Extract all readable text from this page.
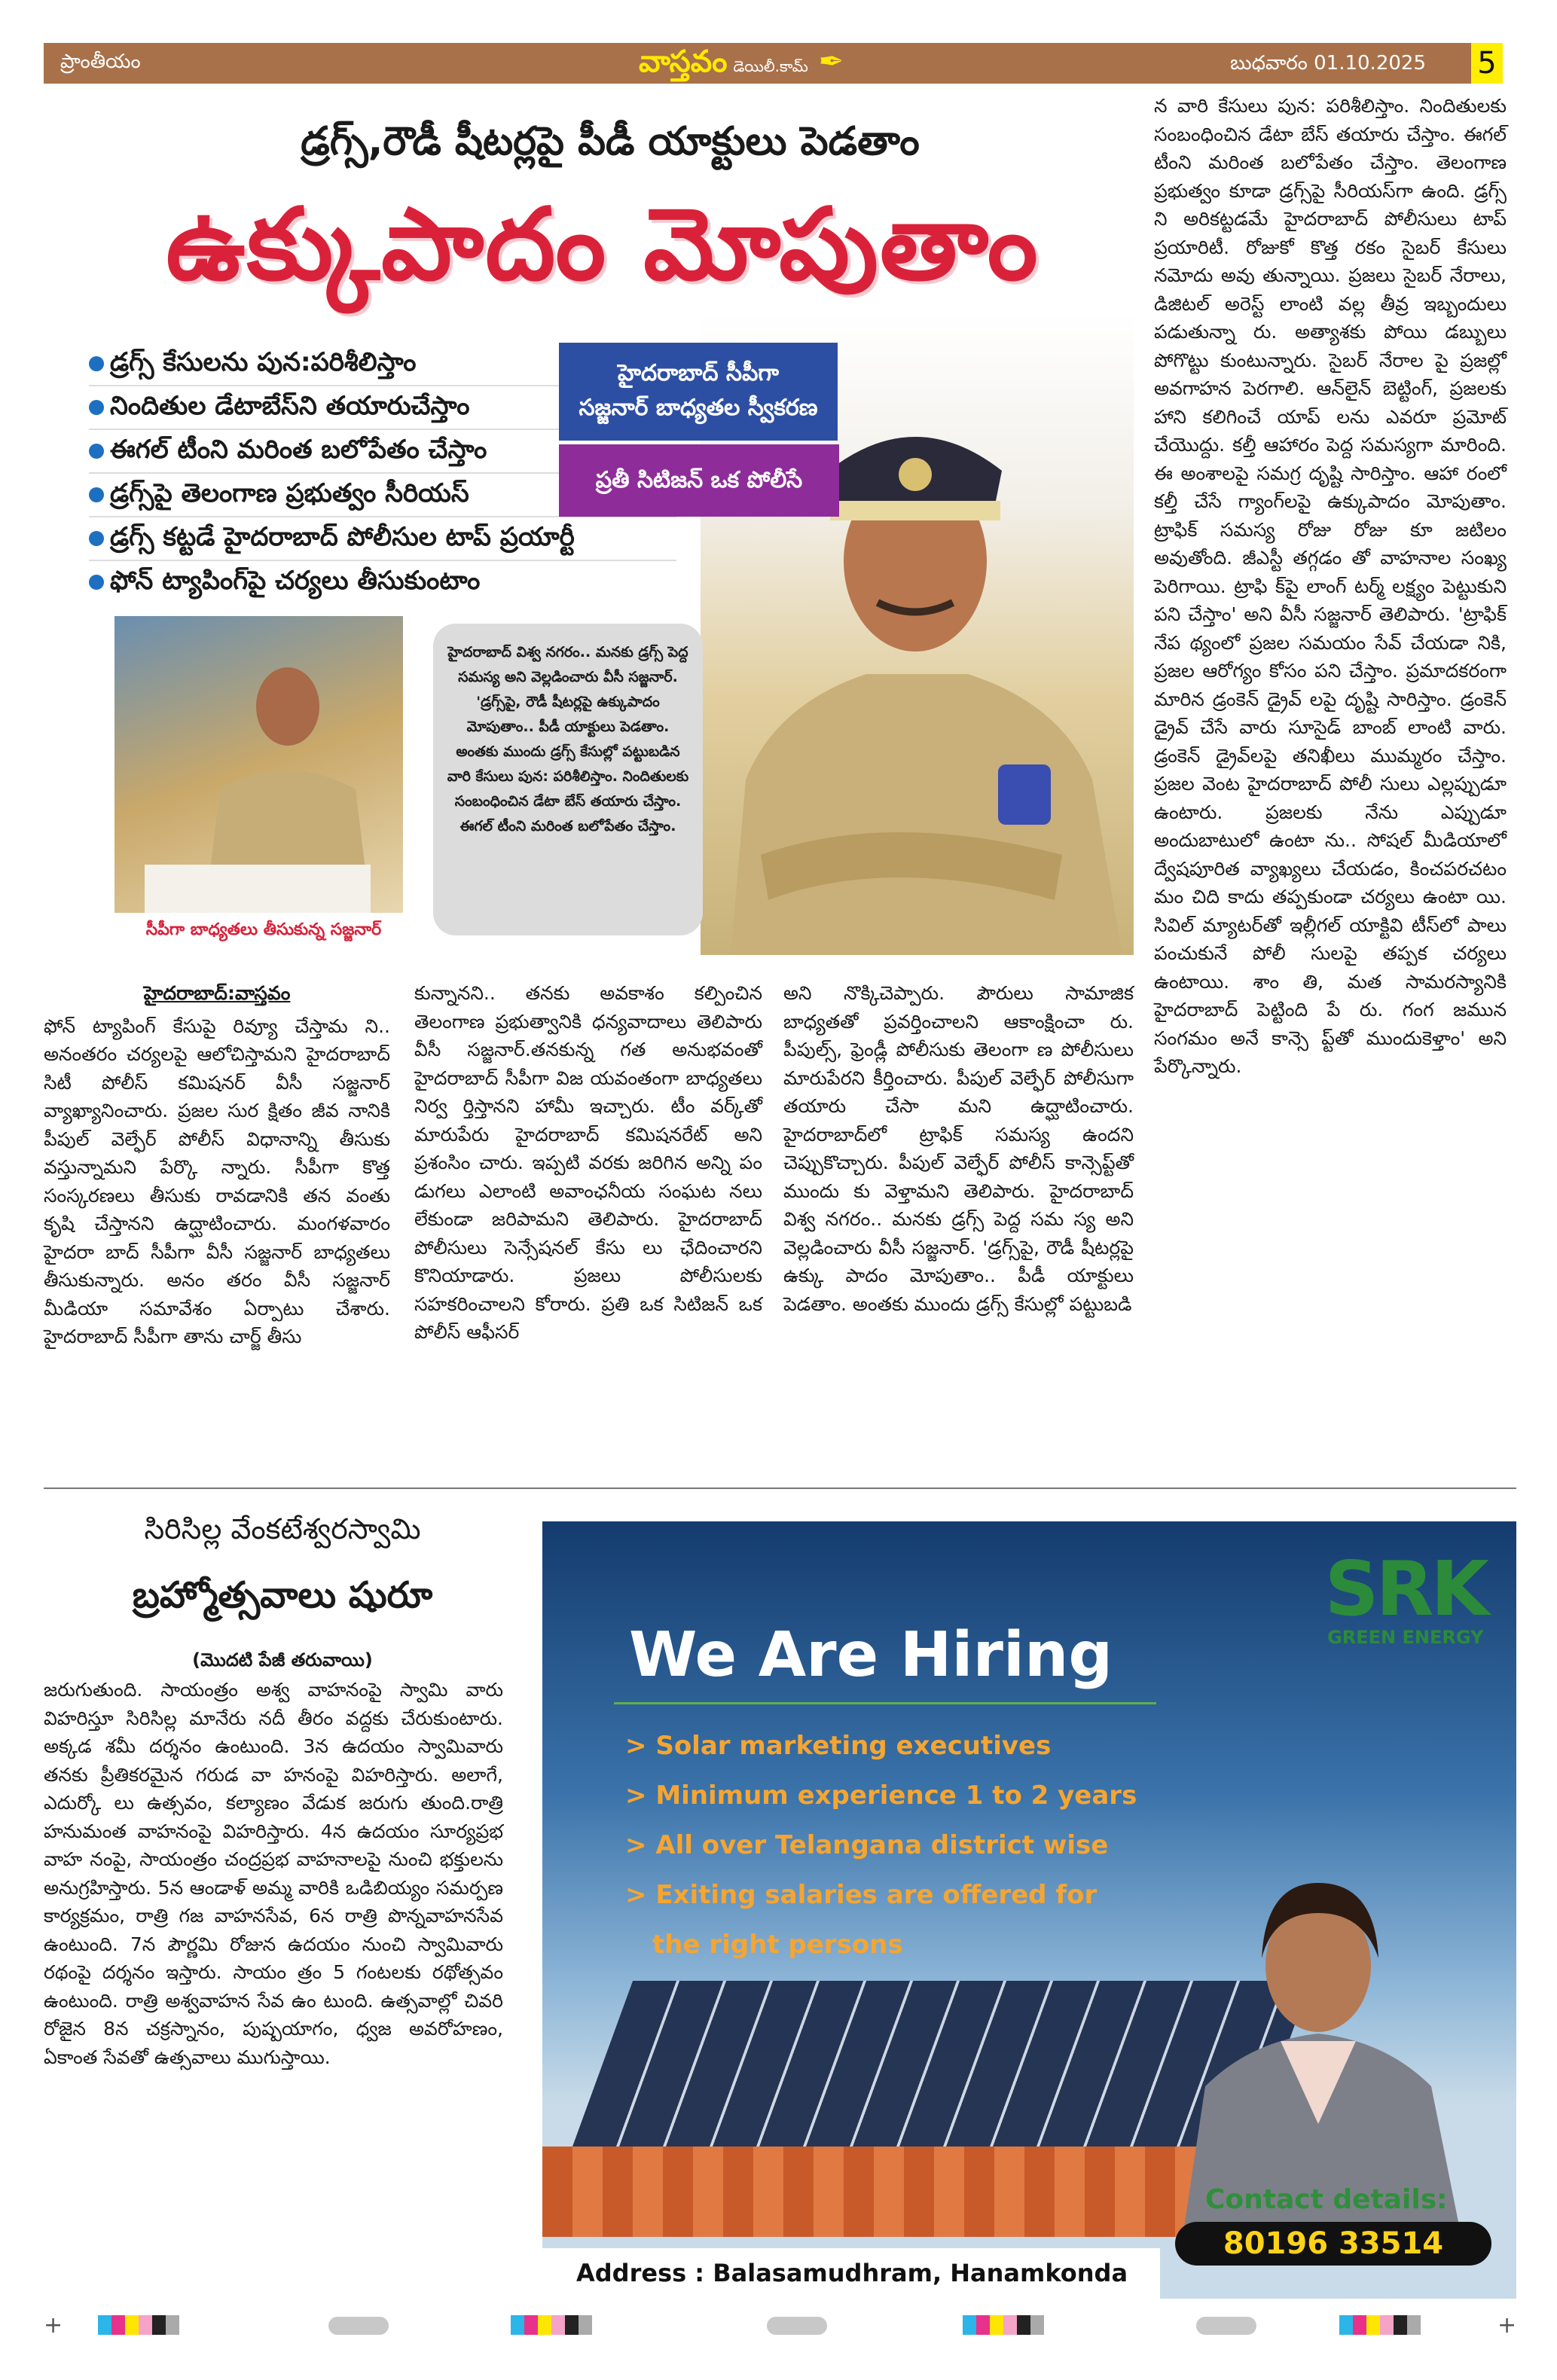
ప్రాంతీయం	వాస్తవం డెయిలీ.కామ్ ✒	బుధవారం 01.10.2025 5
డ్రగ్స్,రౌడీ షీటర్లపై పీడీ యాక్టులు పెడతాం
ఉక్కుపాదం మోపుతాం
డ్రగ్స్ కేసులను పున:పరిశీలిస్తాం
నిందితుల డేటాబేస్‌ని తయారుచేస్తాం
ఈగల్ టీంని మరింత బలోపేతం చేస్తాం
డ్రగ్స్‌పై తెలంగాణ ప్రభుత్వం సీరియస్
డ్రగ్స్ కట్టడే హైదరాబాద్ పోలీసుల టాప్ ప్రయార్టీ
ఫోన్ ట్యాపింగ్‌పై చర్యలు తీసుకుంటాం
హైదరాబాద్ సీపీగా
సజ్జనార్ బాధ్యతల స్వీకరణ
ప్రతీ సిటిజన్ ఒక పోలీసే
సీపీగా బాధ్యతలు తీసుకున్న సజ్జనార్
హైదరాబాద్ విశ్వ నగరం.. మనకు డ్రగ్స్ పెద్ద సమస్య అని వెల్లడించారు వీసీ సజ్జనార్. 'డ్రగ్స్‌పై, రౌడీ షీటర్లపై ఉక్కుపాదం మోపుతాం.. పీడీ యాక్టులు పెడతాం. అంతకు ముందు డ్రగ్స్ కేసుల్లో పట్టుబడిన వారి కేసులు పున: పరిశీలిస్తాం. నిందితులకు సంబంధించిన డేటా బేస్ తయారు చేస్తాం. ఈగల్ టీంని మరింత బలోపేతం చేస్తాం.
హైదరాబాద్:వాస్తవం
ఫోన్ ట్యాపింగ్ కేసుపై రివ్యూ చేస్తామ ని.. అనంతరం చర్యలపై ఆలోచిస్తామని హైదరాబాద్ సిటీ పోలీస్ కమిషనర్ వీసీ సజ్జనార్ వ్యాఖ్యానించారు. ప్రజల సుర క్షితం జీవ నానికి పీపుల్ వెల్ఫేర్ పోలీస్ విధానాన్ని తీసుకు వస్తున్నామని పేర్కొ న్నారు. సీపీగా కొత్త సంస్కరణలు తీసుకు రావడానికి తన వంతు కృషి చేస్తానని ఉద్ఘాటించారు. మంగళవారం హైదరా బాద్ సీపీగా వీసీ సజ్జనార్ బాధ్యతలు తీసుకున్నారు. అనం తరం వీసీ సజ్జనార్ మీడియా సమావేశం ఏర్పాటు చేశారు. హైదరాబాద్ సీపీగా తాను చార్జ్ తీసు
కున్నానని.. తనకు అవకాశం కల్పించిన తెలంగాణ ప్రభుత్వానికి ధన్యవాదాలు తెలిపారు వీసీ సజ్జనార్.తనకున్న గత అనుభవంతో హైదరాబాద్ సీపీగా విజ యవంతంగా బాధ్యతలు నిర్వ ర్తిస్తానని హామీ ఇచ్చారు. టీం వర్క్‌తో మారుపేరు హైదరాబాద్ కమిషనరేట్ అని ప్రశంసిం చారు. ఇప్పటి వరకు జరిగిన అన్ని పం డుగలు ఎలాంటి అవాంఛనీయ సంఘట నలు లేకుండా జరిపామని తెలిపారు. హైదరాబాద్ పోలీసులు సెన్సేషనల్ కేసు లు ఛేదించారని కొనియాడారు. ప్రజలు పోలీసులకు సహకరించాలని కోరారు. ప్రతి ఒక సిటిజన్ ఒక పోలీస్ ఆఫీసర్
అని నొక్కిచెప్పారు. పౌరులు సామాజిక బాధ్యతతో ప్రవర్తించాలని ఆకాంక్షించా రు. పీపుల్స్, ఫ్రెండ్లీ పోలీసుకు తెలంగా ణ పోలీసులు మారుపేరని కీర్తించారు. పీపుల్ వెల్ఫేర్ పోలీసుగా తయారు చేసా మని ఉద్ఘాటించారు. హైదరాబాద్‌లో ట్రాఫిక్ సమస్య ఉందని చెప్పుకొచ్చారు. పీపుల్ వెల్ఫేర్ పోలీస్ కాన్సెప్ట్‌తో ముందు కు వెళ్తామని తెలిపారు. హైదరాబాద్ విశ్వ నగరం.. మనకు డ్రగ్స్ పెద్ద సమ స్య అని వెల్లడించారు వీసీ సజ్జనార్. 'డ్రగ్స్‌పై, రౌడీ షీటర్లపై ఉక్కు పాదం మోపుతాం.. పీడీ యాక్టులు పెడతాం. అంతకు ముందు డ్రగ్స్ కేసుల్లో పట్టుబడి
న వారి కేసులు పున: పరిశీలిస్తాం. నిందితులకు సంబంధించిన డేటా బేస్ తయారు చేస్తాం. ఈగల్ టీంని మరింత బలోపేతం చేస్తాం. తెలంగాణ ప్రభుత్వం కూడా డ్రగ్స్‌పై సీరియస్‌గా ఉంది. డ్రగ్స్ ని అరికట్టడమే హైదరాబాద్ పోలీసులు టాప్ ప్రయారిటీ. రోజుకో కొత్త రకం సైబర్ కేసులు నమోదు అవు తున్నాయి. ప్రజలు సైబర్ నేరాలు, డిజిటల్ అరెస్ట్ లాంటి వల్ల తీవ్ర ఇబ్బందులు పడుతున్నా రు. అత్యాశకు పోయి డబ్బులు పోగొట్టు కుంటున్నారు. సైబర్ నేరాల పై ప్రజల్లో అవగాహన పెరగాలి. ఆన్‌లైన్ బెట్టింగ్, ప్రజలకు హాని కలిగించే యాప్ లను ఎవరూ ప్రమోట్ చేయొద్దు. కల్తీ ఆహారం పెద్ద సమస్యగా మారింది. ఈ అంశాలపై సమగ్ర దృష్టి సారిస్తాం. ఆహా రంలో కల్తీ చేసే గ్యాంగ్‌లపై ఉక్కుపాదం మోపుతాం. ట్రాఫిక్ సమస్య రోజు రోజు కూ జటిలం అవుతోంది. జీఎస్టీ తగ్గడం తో వాహనాల సంఖ్య పెరిగాయి. ట్రాఫి క్‌పై లాంగ్ టర్మ్ లక్ష్యం పెట్టుకుని పని చేస్తాం' అని వీసీ సజ్జనార్ తెలిపారు. 'ట్రాఫిక్ నేప థ్యంలో ప్రజల సమయం సేవ్ చేయడా నికి, ప్రజల ఆరోగ్యం కోసం పని చేస్తాం. ప్రమాదకరంగా మారిన డ్రంకెన్ డ్రైవ్ లపై దృష్టి సారిస్తాం. డ్రంకెన్ డ్రైవ్ చేసే వారు సూసైడ్ బాంబ్ లాంటి వారు. డ్రంకెన్ డ్రైవ్‌లపై తనిఖీలు ముమ్మరం చేస్తాం. ప్రజల వెంట హైదరాబాద్ పోలీ సులు ఎల్లప్పుడూ ఉంటారు. ప్రజలకు నేను ఎప్పుడూ అందుబాటులో ఉంటా ను.. సోషల్ మీడియాలో ద్వేషపూరిత వ్యాఖ్యలు చేయడం, కించపరచటం మం చిది కాదు తప్పకుండా చర్యలు ఉంటా యి. సివిల్ మ్యాటర్‌తో ఇల్లీగల్ యాక్టివి టీస్‌లో పాలు పంచుకునే పోలీ సులపై తప్పక చర్యలు ఉంటాయి. శాం తి, మత సామరస్యానికి హైదరాబాద్ పెట్టింది పే రు. గంగ జమున సంగమం అనే కాన్సె ప్ట్‌తో ముందుకెళ్తాం' అని పేర్కొన్నారు.
సిరిసిల్ల వేంకటేశ్వరస్వామి
బ్రహ్మోత్సవాలు షురూ
(మొదటి పేజీ తరువాయి)
జరుగుతుంది. సాయంత్రం అశ్వ వాహనంపై స్వామి వారు విహరిస్తూ సిరిసిల్ల మానేరు నదీ తీరం వద్దకు చేరుకుంటారు. అక్కడ శమీ దర్శనం ఉంటుంది. 3న ఉదయం స్వామివారు తనకు ప్రీతికరమైన గరుడ వా హనంపై విహరిస్తారు. అలాగే, ఎదుర్కో లు ఉత్సవం, కల్యాణం వేడుక జరుగు తుంది.రాత్రి హనుమంత వాహనంపై విహరిస్తారు. 4న ఉదయం సూర్యప్రభ వాహ నంపై, సాయంత్రం చంద్రప్రభ వాహనాలపై నుంచి భక్తులను అనుగ్రహిస్తారు. 5న ఆండాళ్ అమ్మ వారికి ఒడిబియ్యం సమర్పణ కార్యక్రమం, రాత్రి గజ వాహనసేవ, 6న రాత్రి పొన్నవాహనసేవ ఉంటుంది. 7న పౌర్ణమి రోజున ఉదయం నుంచి స్వామివారు రథంపై దర్శనం ఇస్తారు. సాయం త్రం 5 గంటలకు రథోత్సవం ఉంటుంది. రాత్రి అశ్వవాహన సేవ ఉం టుంది. ఉత్సవాల్లో చివరి రోజైన 8న చక్రస్నానం, పుష్పయాగం, ధ్వజ అవరోహణం, ఏకాంత సేవతో ఉత్సవాలు ముగుస్తాయి.
We Are Hiring
> Solar marketing executives
> Minimum experience 1 to 2 years
> All over Telangana district wise
> Exiting salaries are offered for
the right persons
SRK
GREEN ENERGY
Contact details:
80196 33514
Address : Balasamudhram, Hanamkonda
+	+
